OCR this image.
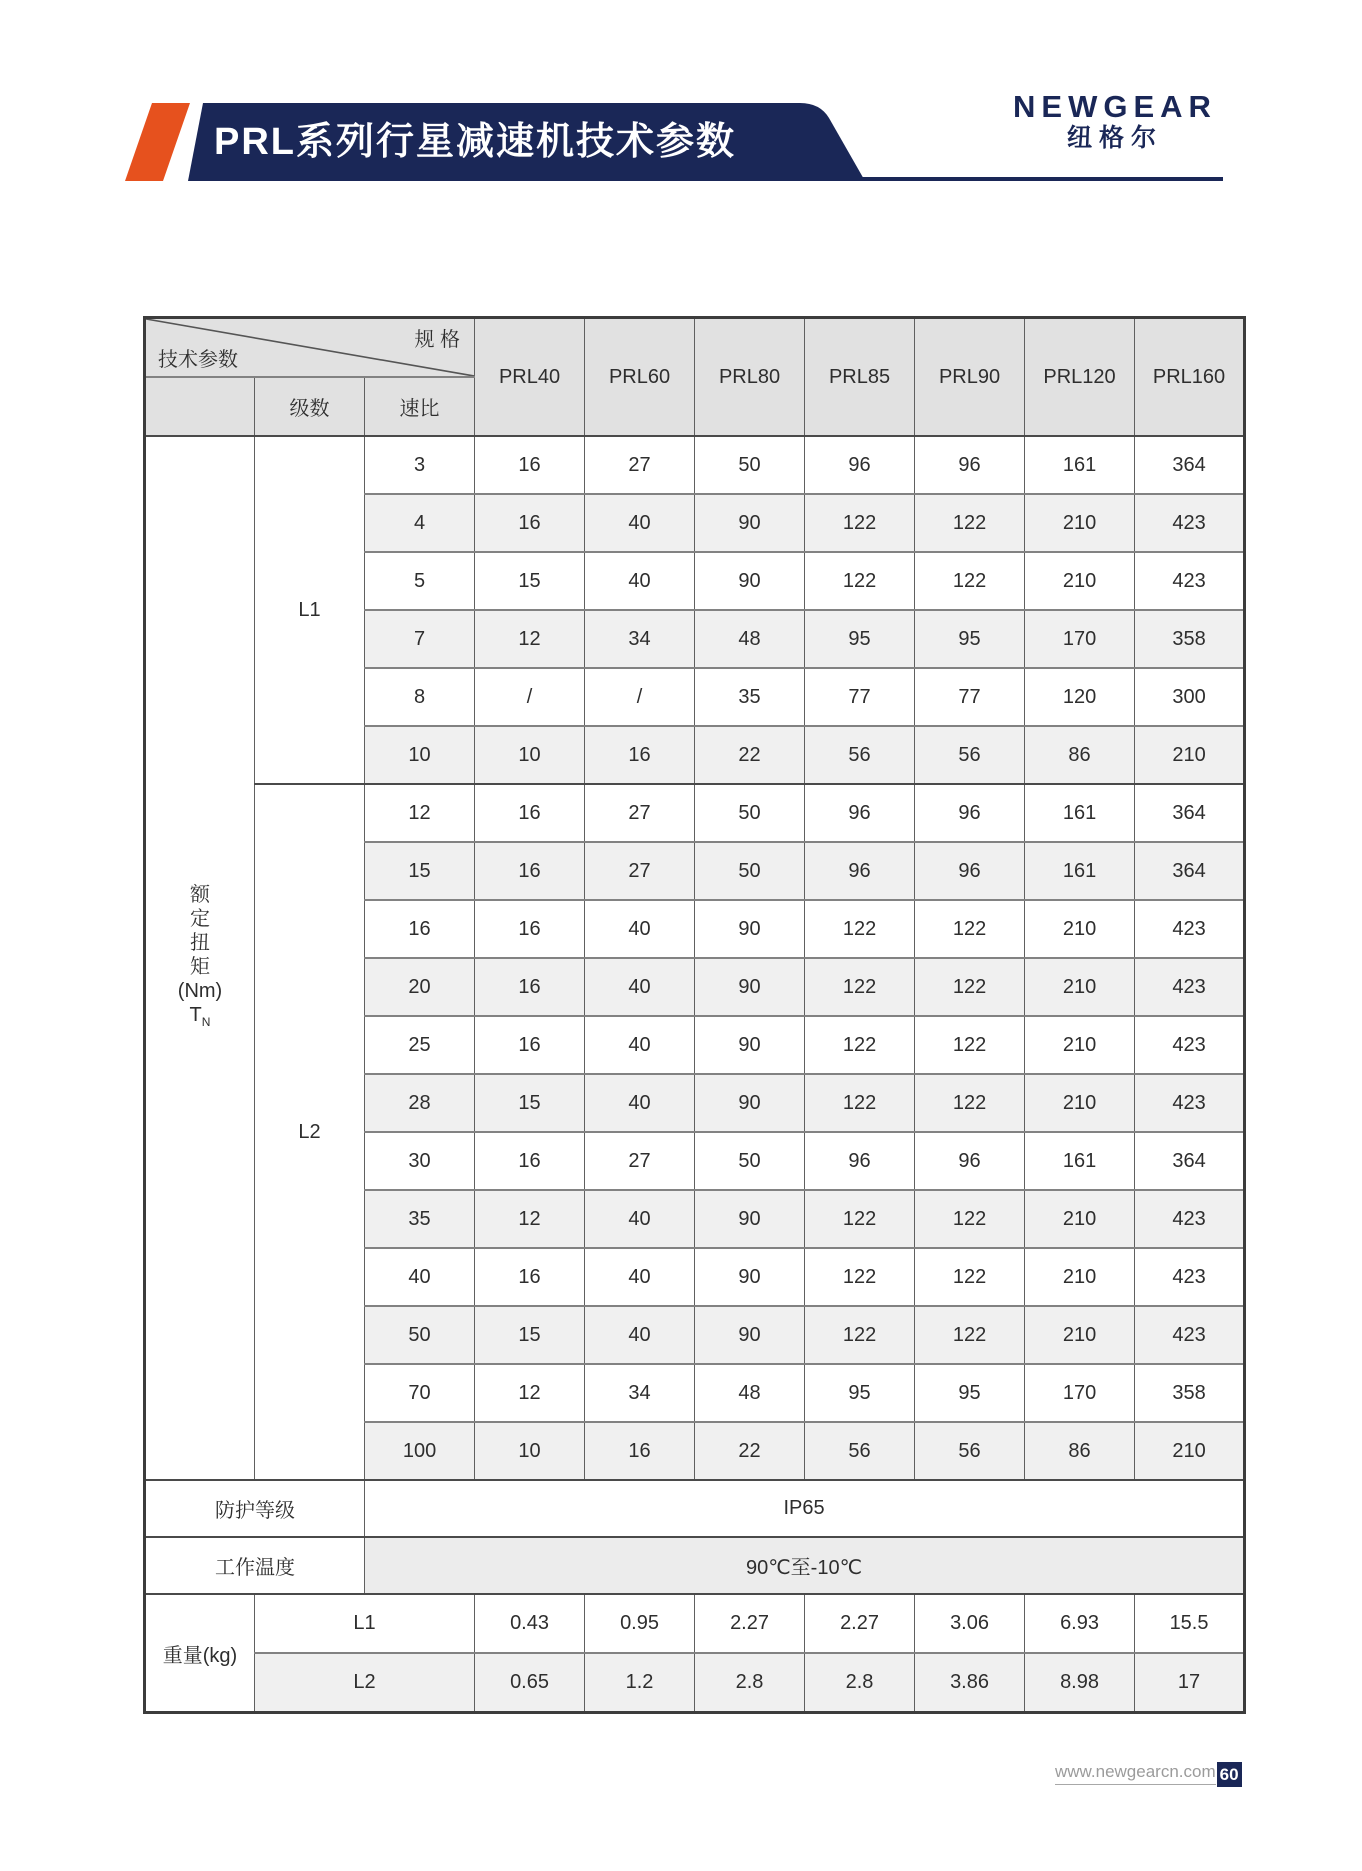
PRL系列行星减速机技术参数
NEWGEAR
纽格尔
规 格
技术参数			PRL40	PRL60	PRL80	PRL85	PRL90	PRL120	PRL160
	级数	速比							

额
定
扭
矩
(Nm)
$T_N$
	L1	3	16	27	50	96	96	161	364
		4	16	40	90	122	122	210	423
		5	15	40	90	122	122	210	423
		7	12	34	48	95	95	170	358
		8	/	/	35	77	77	120	300
		10	10	16	22	56	56	86	210
	L2	12	16	27	50	96	96	161	364
		15	16	27	50	96	96	161	364
		16	16	40	90	122	122	210	423
		20	16	40	90	122	122	210	423
		25	16	40	90	122	122	210	423
		28	15	40	90	122	122	210	423
		30	16	27	50	96	96	161	364
		35	12	40	90	122	122	210	423
		40	16	40	90	122	122	210	423
		50	15	40	90	122	122	210	423
		70	12	34	48	95	95	170	358
		100	10	16	22	56	56	86	210
防护等级		IP65							
工作温度		90℃至-10℃							
重量(kg)	L1		0.43	0.95	2.27	2.27	3.06	6.93	15.5
	L2		0.65	1.2	2.8	2.8	3.86	8.98	17
www.newgearcn.com 60
